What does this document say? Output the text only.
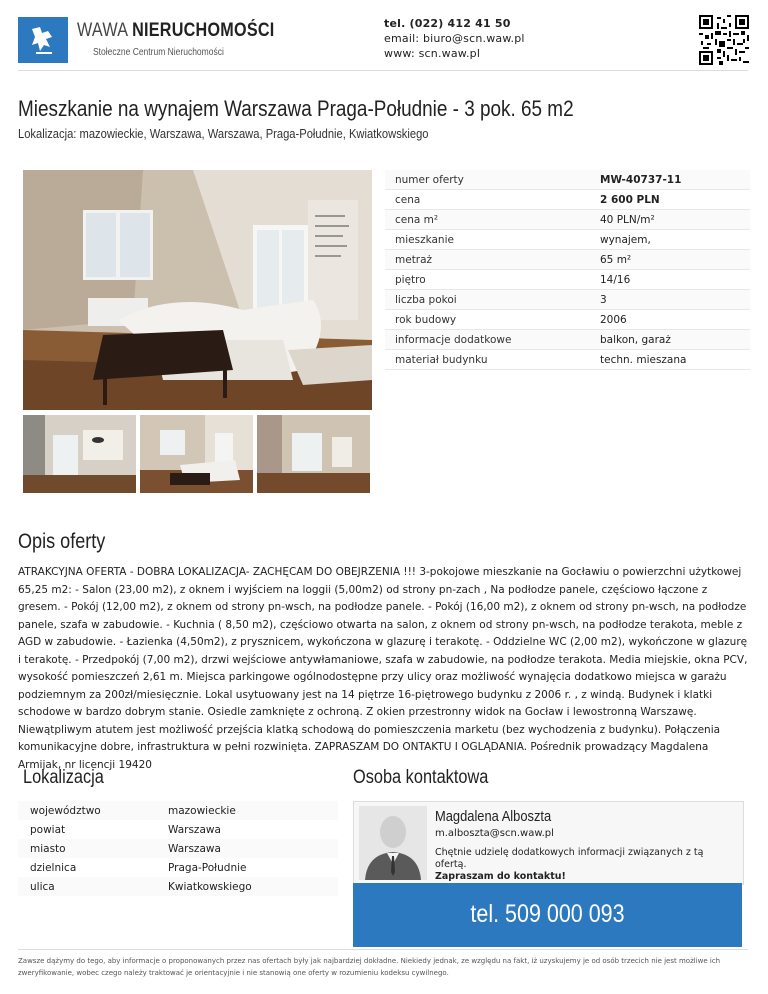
WAWA NIERUCHOMOŚCI
Stołeczne Centrum Nieruchomości
tel. (022) 412 41 50
email: biuro@scn.waw.pl
www: scn.waw.pl
Mieszkanie na wynajem Warszawa Praga-Południe - 3 pok. 65 m2
Lokalizacja: mazowieckie, Warszawa, Warszawa, Praga-Południe, Kwiatkowskiego
numer oferty	MW-40737-11
cena	2 600 PLN
cena m²	40 PLN/m²
mieszkanie	wynajem,
metraż	65 m²
piętro	14/16
liczba pokoi	3
rok budowy	2006
informacje dodatkowe	balkon, garaż
materiał budynku	techn. mieszana
Opis oferty
ATRAKCYJNA OFERTA - DOBRA LOKALIZACJA- ZACHĘCAM DO OBEJRZENIA !!! 3-pokojowe mieszkanie na Gocławiu o powierzchni użytkowej 65,25 m2: - Salon (23,00 m2), z oknem i wyjściem na loggii (5,00m2) od strony pn-zach , Na podłodze panele, częściowo łączone z gresem. - Pokój (12,00 m2), z oknem od strony pn-wsch, na podłodze panele. - Pokój (16,00 m2), z oknem od strony pn-wsch, na podłodze panele, szafa w zabudowie. - Kuchnia ( 8,50 m2), częściowo otwarta na salon, z oknem od strony pn-wsch, na podłodze terakota, meble z AGD w zabudowie. - Łazienka (4,50m2), z prysznicem, wykończona w glazurę i terakotę. - Oddzielne WC (2,00 m2), wykończone w glazurę i terakotę. - Przedpokój (7,00 m2), drzwi wejściowe antywłamaniowe, szafa w zabudowie, na podłodze terakota. Media miejskie, okna PCV, wysokość pomieszczeń 2,61 m. Miejsca parkingowe ogólnodostępne przy ulicy oraz możliwość wynajęcia dodatkowo miejsca w garażu podziemnym za 200zł/miesięcznie. Lokal usytuowany jest na 14 piętrze 16-piętrowego budynku z 2006 r. , z windą. Budynek i klatki schodowe w bardzo dobrym stanie. Osiedle zamknięte z ochroną. Z okien przestronny widok na Gocław i lewostronną Warszawę. Niewątpliwym atutem jest możliwość przejścia klatką schodową do pomieszczenia marketu (bez wychodzenia z budynku). Połączenia komunikacyjne dobre, infrastruktura w pełni rozwinięta. ZAPRASZAM DO ONTAKTU I OGLĄDANIA. Pośrednik prowadzący Magdalena Armijak, nr licencji 19420
Lokalizacja
województwo	mazowieckie
powiat	Warszawa
miasto	Warszawa
dzielnica	Praga-Południe
ulica	Kwiatkowskiego
Osoba kontaktowa
Magdalena Alboszta
m.alboszta@scn.waw.pl
Chętnie udzielę dodatkowych informacji związanych z tą ofertą.
Zapraszam do kontaktu!
tel. 509 000 093
Zawsze dążymy do tego, aby informacje o proponowanych przez nas ofertach były jak najbardziej dokładne. Niekiedy jednak, ze względu na fakt, iż uzyskujemy je od osób trzecich nie jest możliwe ich zweryfikowanie, wobec czego należy traktować je orientacyjnie i nie stanowią one oferty w rozumieniu kodeksu cywilnego.
